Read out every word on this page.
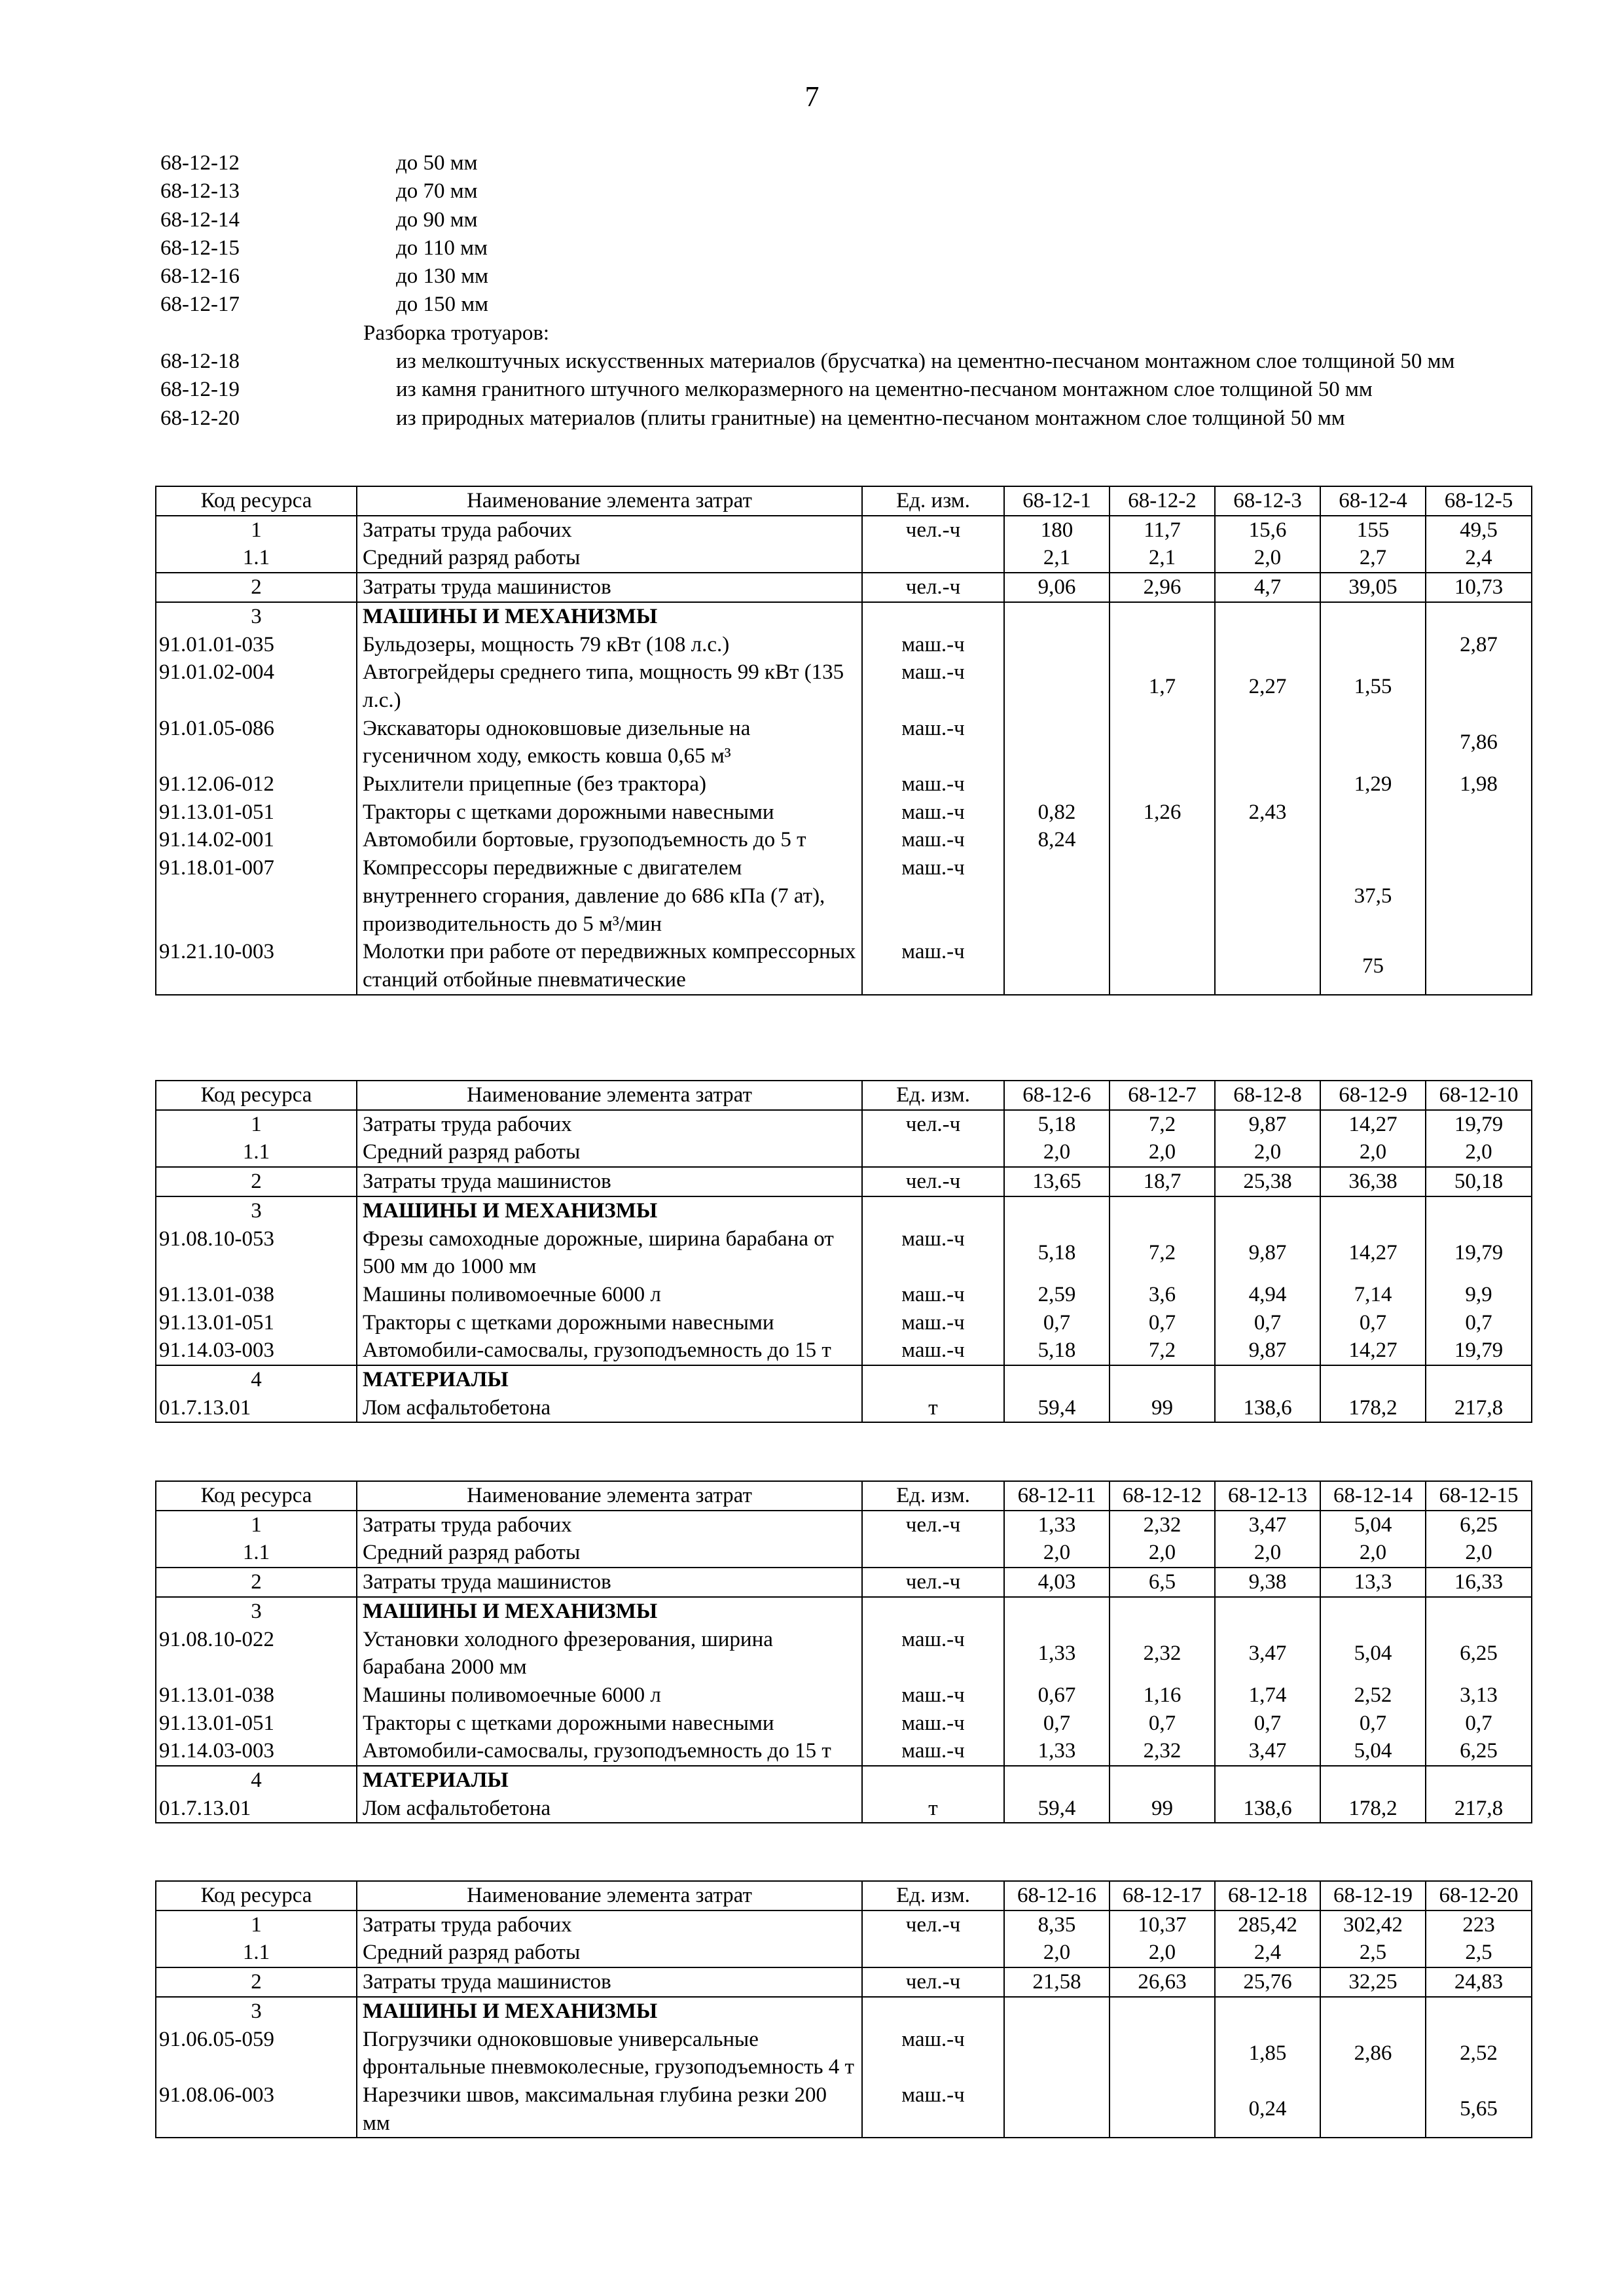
7
68-12-12	до 50 мм
68-12-13	до 70 мм
68-12-14	до 90 мм
68-12-15	до 110 мм
68-12-16	до 130 мм
68-12-17	до 150 мм
Разборка тротуаров:
68-12-18	из мелкоштучных искусственных материалов (брусчатка) на цементно-песчаном монтажном слое толщиной 50 мм
68-12-19	из камня гранитного штучного мелкоразмерного на цементно-песчаном монтажном слое толщиной 50 мм
68-12-20	из природных материалов (плиты гранитные) на цементно-песчаном монтажном слое толщиной 50 мм
Код ресурса	Наименование элемента затрат	Ед. изм.	68-12-1	68-12-2	68-12-3	68-12-4	68-12-5
1	Затраты труда рабочих	чел.-ч	180	11,7	15,6	155	49,5
1.1	Средний разряд работы		2,1	2,1	2,0	2,7	2,4
2	Затраты труда машинистов	чел.-ч	9,06	2,96	4,7	39,05	10,73
3	МАШИНЫ И МЕХАНИЗМЫ						
91.01.01-035	Бульдозеры, мощность 79 кВт (108 л.с.)	маш.-ч					2,87
91.01.02-004	Автогрейдеры среднего типа, мощность 99 кВт (135 л.с.)	маш.-ч		1,7	2,27	1,55	
91.01.05-086	Экскаваторы одноковшовые дизельные на гусеничном ходу, емкость ковша 0,65 м³	маш.-ч					7,86
91.12.06-012	Рыхлители прицепные (без трактора)	маш.-ч				1,29	1,98
91.13.01-051	Тракторы с щетками дорожными навесными	маш.-ч	0,82	1,26	2,43		
91.14.02-001	Автомобили бортовые, грузоподъемность до 5 т	маш.-ч	8,24				
91.18.01-007	Компрессоры передвижные с двигателем внутреннего сгорания, давление до 686 кПа (7 ат), производительность до 5 м³/мин	маш.-ч				37,5	
91.21.10-003	Молотки при работе от передвижных компрессорных станций отбойные пневматические	маш.-ч				75	
Код ресурса	Наименование элемента затрат	Ед. изм.	68-12-6	68-12-7	68-12-8	68-12-9	68-12-10
1	Затраты труда рабочих	чел.-ч	5,18	7,2	9,87	14,27	19,79
1.1	Средний разряд работы		2,0	2,0	2,0	2,0	2,0
2	Затраты труда машинистов	чел.-ч	13,65	18,7	25,38	36,38	50,18
3	МАШИНЫ И МЕХАНИЗМЫ						
91.08.10-053	Фрезы самоходные дорожные, ширина барабана от 500 мм до 1000 мм	маш.-ч	5,18	7,2	9,87	14,27	19,79
91.13.01-038	Машины поливомоечные 6000 л	маш.-ч	2,59	3,6	4,94	7,14	9,9
91.13.01-051	Тракторы с щетками дорожными навесными	маш.-ч	0,7	0,7	0,7	0,7	0,7
91.14.03-003	Автомобили-самосвалы, грузоподъемность до 15 т	маш.-ч	5,18	7,2	9,87	14,27	19,79
4	МАТЕРИАЛЫ						
01.7.13.01	Лом асфальтобетона	т	59,4	99	138,6	178,2	217,8
Код ресурса	Наименование элемента затрат	Ед. изм.	68-12-11	68-12-12	68-12-13	68-12-14	68-12-15
1	Затраты труда рабочих	чел.-ч	1,33	2,32	3,47	5,04	6,25
1.1	Средний разряд работы		2,0	2,0	2,0	2,0	2,0
2	Затраты труда машинистов	чел.-ч	4,03	6,5	9,38	13,3	16,33
3	МАШИНЫ И МЕХАНИЗМЫ						
91.08.10-022	Установки холодного фрезерования, ширина барабана 2000 мм	маш.-ч	1,33	2,32	3,47	5,04	6,25
91.13.01-038	Машины поливомоечные 6000 л	маш.-ч	0,67	1,16	1,74	2,52	3,13
91.13.01-051	Тракторы с щетками дорожными навесными	маш.-ч	0,7	0,7	0,7	0,7	0,7
91.14.03-003	Автомобили-самосвалы, грузоподъемность до 15 т	маш.-ч	1,33	2,32	3,47	5,04	6,25
4	МАТЕРИАЛЫ						
01.7.13.01	Лом асфальтобетона	т	59,4	99	138,6	178,2	217,8
Код ресурса	Наименование элемента затрат	Ед. изм.	68-12-16	68-12-17	68-12-18	68-12-19	68-12-20
1	Затраты труда рабочих	чел.-ч	8,35	10,37	285,42	302,42	223
1.1	Средний разряд работы		2,0	2,0	2,4	2,5	2,5
2	Затраты труда машинистов	чел.-ч	21,58	26,63	25,76	32,25	24,83
3	МАШИНЫ И МЕХАНИЗМЫ						
91.06.05-059	Погрузчики одноковшовые универсальные фронтальные пневмоколесные, грузоподъемность 4 т	маш.-ч			1,85	2,86	2,52
91.08.06-003	Нарезчики швов, максимальная глубина резки 200 мм	маш.-ч			0,24		5,65
